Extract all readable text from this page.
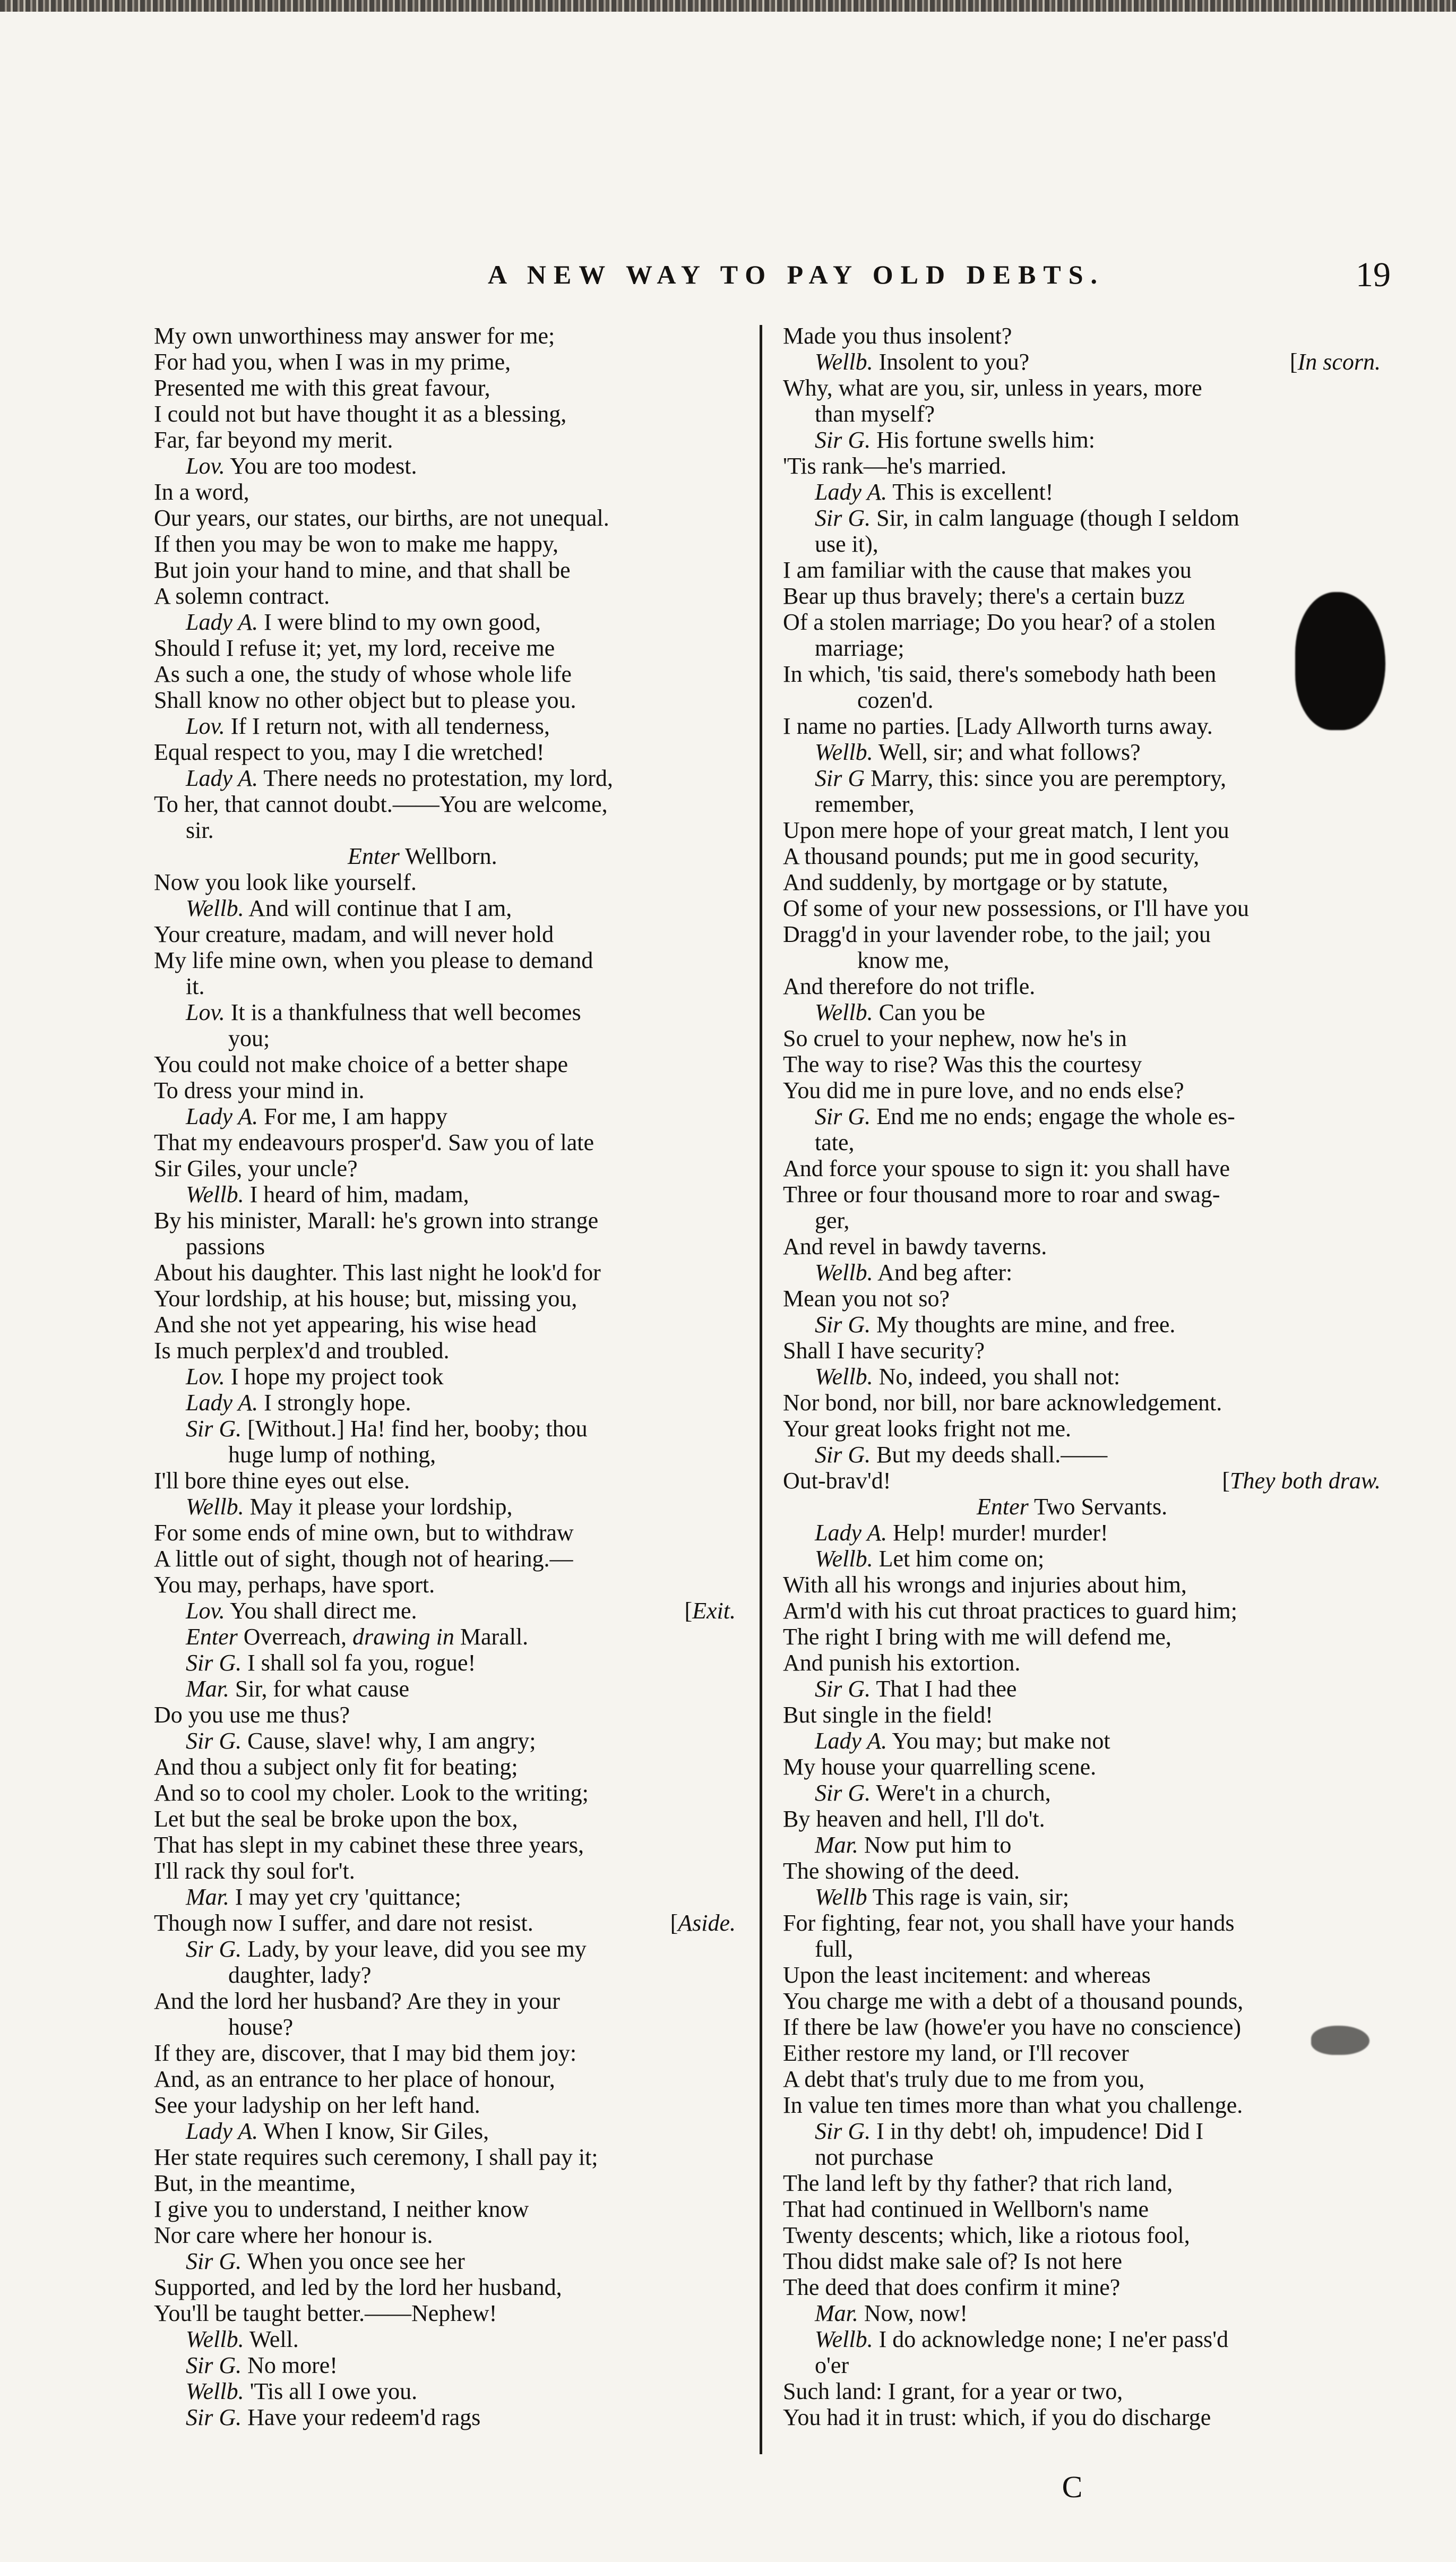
A NEW WAY TO PAY OLD DEBTS.	19
My own unworthiness may answer for me;
For had you, when I was in my prime,
Presented me with this great favour,
I could not but have thought it as a blessing,
Far, far beyond my merit.
Lov. You are too modest.
In a word,
Our years, our states, our births, are not unequal.
If then you may be won to make me happy,
But join your hand to mine, and that shall be
A solemn contract.
Lady A. I were blind to my own good,
Should I refuse it; yet, my lord, receive me
As such a one, the study of whose whole life
Shall know no other object but to please you.
Lov. If I return not, with all tenderness,
Equal respect to you, may I die wretched!
Lady A. There needs no protestation, my lord,
To her, that cannot doubt.——You are welcome,
sir.
Enter Wellborn.
Now you look like yourself.
Wellb. And will continue that I am,
Your creature, madam, and will never hold
My life mine own, when you please to demand
it.
Lov. It is a thankfulness that well becomes
you;
You could not make choice of a better shape
To dress your mind in.
Lady A. For me, I am happy
That my endeavours prosper'd. Saw you of late
Sir Giles, your uncle?
Wellb. I heard of him, madam,
By his minister, Marall: he's grown into strange
passions
About his daughter. This last night he look'd for
Your lordship, at his house; but, missing you,
And she not yet appearing, his wise head
Is much perplex'd and troubled.
Lov. I hope my project took
Lady A. I strongly hope.
Sir G. [Without.] Ha! find her, booby; thou
huge lump of nothing,
I'll bore thine eyes out else.
Wellb. May it please your lordship,
For some ends of mine own, but to withdraw
A little out of sight, though not of hearing.—
You may, perhaps, have sport.
[Exit.
Lov. You shall direct me.
Enter Overreach, drawing in Marall.
Sir G. I shall sol fa you, rogue!
Mar. Sir, for what cause
Do you use me thus?
Sir G. Cause, slave! why, I am angry;
And thou a subject only fit for beating;
And so to cool my choler. Look to the writing;
Let but the seal be broke upon the box,
That has slept in my cabinet these three years,
I'll rack thy soul for't.
Mar. I may yet cry 'quittance;
[Aside.
Though now I suffer, and dare not resist.
Sir G. Lady, by your leave, did you see my
daughter, lady?
And the lord her husband? Are they in your
house?
If they are, discover, that I may bid them joy:
And, as an entrance to her place of honour,
See your ladyship on her left hand.
Lady A. When I know, Sir Giles,
Her state requires such ceremony, I shall pay it;
But, in the meantime,
I give you to understand, I neither know
Nor care where her honour is.
Sir G. When you once see her
Supported, and led by the lord her husband,
You'll be taught better.——Nephew!
Wellb. Well.
Sir G. No more!
Wellb. 'Tis all I owe you.
Sir G. Have your redeem'd rags
Made you thus insolent?
[In scorn.
Wellb. Insolent to you?
Why, what are you, sir, unless in years, more
than myself?
Sir G. His fortune swells him:
'Tis rank—he's married.
Lady A. This is excellent!
Sir G. Sir, in calm language (though I seldom
use it),
I am familiar with the cause that makes you
Bear up thus bravely; there's a certain buzz
Of a stolen marriage; Do you hear? of a stolen
marriage;
In which, 'tis said, there's somebody hath been
cozen'd.
I name no parties. [Lady Allworth turns away.
Wellb. Well, sir; and what follows?
Sir G Marry, this: since you are peremptory,
remember,
Upon mere hope of your great match, I lent you
A thousand pounds; put me in good security,
And suddenly, by mortgage or by statute,
Of some of your new possessions, or I'll have you
Dragg'd in your lavender robe, to the jail; you
know me,
And therefore do not trifle.
Wellb. Can you be
So cruel to your nephew, now he's in
The way to rise? Was this the courtesy
You did me in pure love, and no ends else?
Sir G. End me no ends; engage the whole es-
tate,
And force your spouse to sign it: you shall have
Three or four thousand more to roar and swag-
ger,
And revel in bawdy taverns.
Wellb. And beg after:
Mean you not so?
Sir G. My thoughts are mine, and free.
Shall I have security?
Wellb. No, indeed, you shall not:
Nor bond, nor bill, nor bare acknowledgement.
Your great looks fright not me.
Sir G. But my deeds shall.——
[They both draw.
Out-brav'd!
Enter Two Servants.
Lady A. Help! murder! murder!
Wellb. Let him come on;
With all his wrongs and injuries about him,
Arm'd with his cut throat practices to guard him;
The right I bring with me will defend me,
And punish his extortion.
Sir G. That I had thee
But single in the field!
Lady A. You may; but make not
My house your quarrelling scene.
Sir G. Were't in a church,
By heaven and hell, I'll do't.
Mar. Now put him to
The showing of the deed.
Wellb This rage is vain, sir;
For fighting, fear not, you shall have your hands
full,
Upon the least incitement: and whereas
You charge me with a debt of a thousand pounds,
If there be law (howe'er you have no conscience)
Either restore my land, or I'll recover
A debt that's truly due to me from you,
In value ten times more than what you challenge.
Sir G. I in thy debt! oh, impudence! Did I
not purchase
The land left by thy father? that rich land,
That had continued in Wellborn's name
Twenty descents; which, like a riotous fool,
Thou didst make sale of? Is not here
The deed that does confirm it mine?
Mar. Now, now!
Wellb. I do acknowledge none; I ne'er pass'd
o'er
Such land: I grant, for a year or two,
You had it in trust: which, if you do discharge
C
